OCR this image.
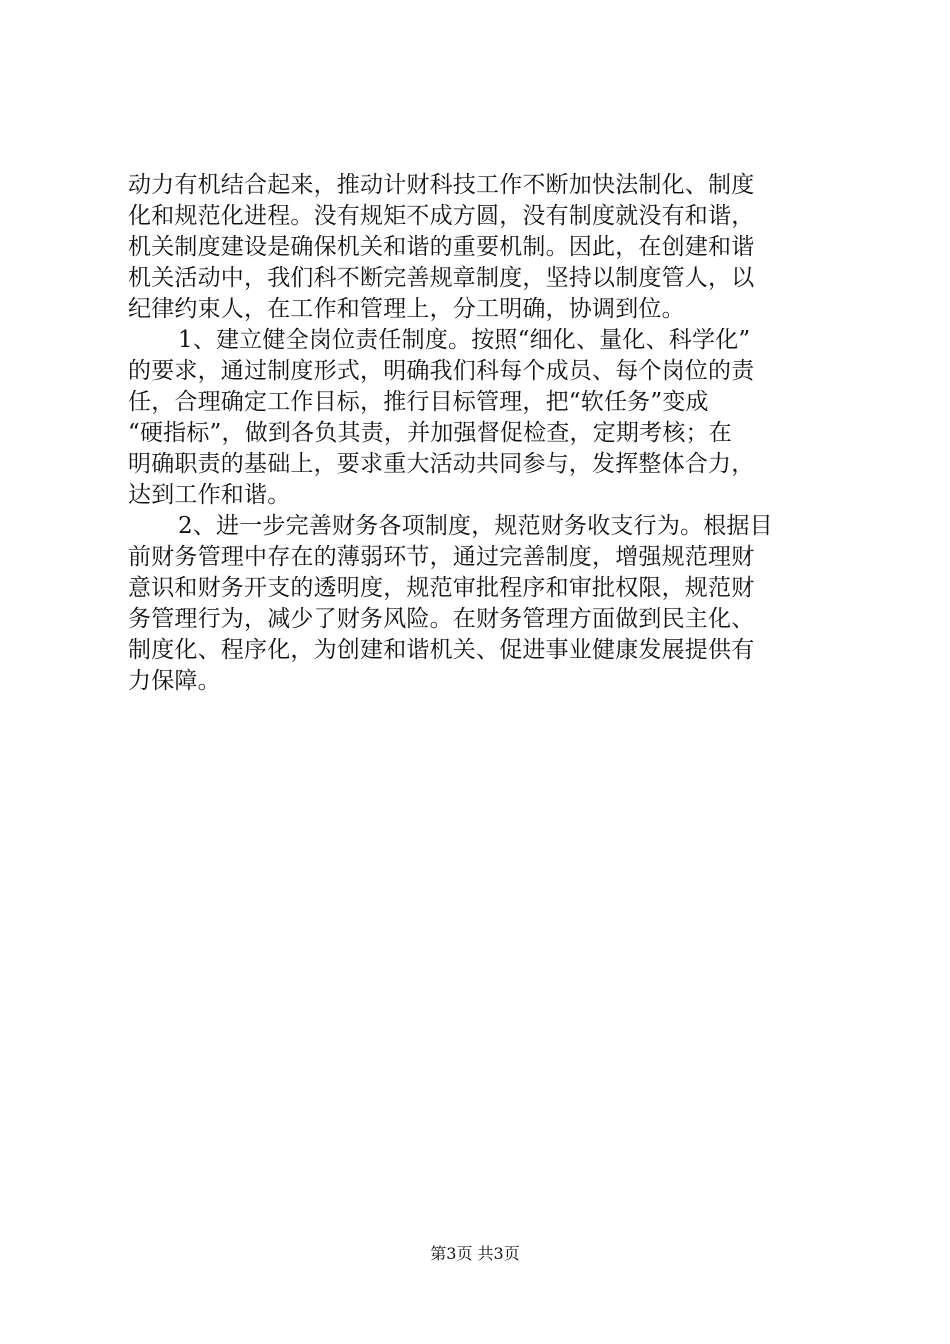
动力有机结合起来，推动计财科技工作不断加快法制化、制度
化和规范化进程。没有规矩不成方圆，没有制度就没有和谐，
机关制度建设是确保机关和谐的重要机制。因此，在创建和谐
机关活动中，我们科不断完善规章制度，坚持以制度管人，以
纪律约束人，在工作和管理上，分工明确，协调到位。
1、建立健全岗位责任制度。按照“细化、量化、科学化”
的要求，通过制度形式，明确我们科每个成员、每个岗位的责
任，合理确定工作目标，推行目标管理，把“软任务”变成
“硬指标”，做到各负其责，并加强督促检查，定期考核；在
明确职责的基础上，要求重大活动共同参与，发挥整体合力，
达到工作和谐。
2、进一步完善财务各项制度，规范财务收支行为。根据目
前财务管理中存在的薄弱环节，通过完善制度，增强规范理财
意识和财务开支的透明度，规范审批程序和审批权限，规范财
务管理行为，减少了财务风险。在财务管理方面做到民主化、
制度化、程序化，为创建和谐机关、促进事业健康发展提供有
力保障。
第3页 共3页
